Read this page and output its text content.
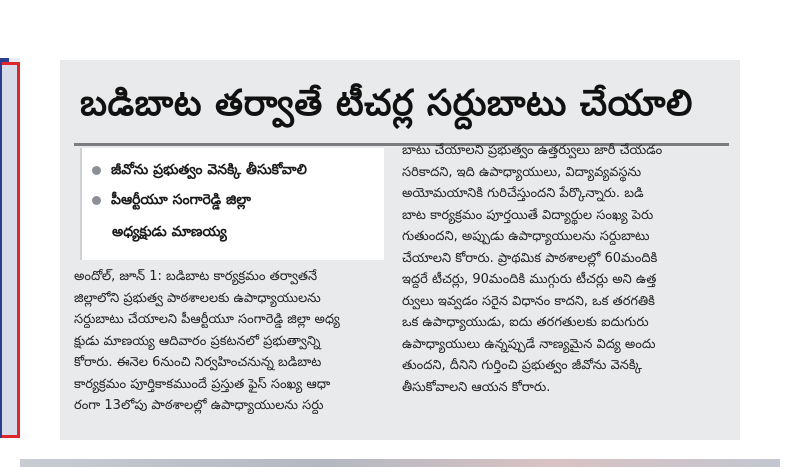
బడిబాట తర్వాతే టీచర్ల సర్దుబాటు చేయాలి
జీవోను ప్రభుత్వం వెనక్కి తీసుకోవాలి
పీఆర్టీయూ సంగారెడ్డి జిల్లా
అధ్యక్షుడు మాణయ్య
అందోల్‌, జూన్‌ 1: బడిబాట కార్యక్రమం తర్వాతనే
జిల్లాలోని ప్రభుత్వ పాఠశాలలకు ఉపాధ్యాయులను
సర్దుబాటు చేయాలని పీఆర్టీయూ సంగారెడ్డి జిల్లా అధ్య
క్షుడు మాణయ్య ఆదివారం ప్రకటనలో ప్రభుత్వాన్ని
కోరారు. ఈనెల 6నుంచి నిర్వహించనున్న బడిబాట
కార్యక్రమం పూర్తికాకముందే ప్రస్తుత ఫైస్‌ సంఖ్య ఆధా
రంగా 13లోపు పాఠశాలల్లో ఉపాధ్యాయులను సర్దు
బాటు చేయాలని ప్రభుత్వం ఉత్తర్వులు జారీ చేయడం
సరికాదని, ఇది ఉపాధ్యాయులు, విద్యావ్యవస్థను
అయోమయానికి గురిచేస్తుందని పేర్కొన్నారు. బడి
బాట కార్యక్రమం పూర్తయితే విద్యార్థుల సంఖ్య పెరు
గుతుందని, అప్పుడు ఉపాధ్యాయులను సర్దుబాటు
చేయాలని కోరారు. ప్రాథమిక పాఠశాలల్లో 60మందికి
ఇద్దరే టీచర్లు, 90మందికి ముగ్గురు టీచర్లు అని ఉత్త
ర్వులు ఇవ్వడం సరైన విధానం కాదని, ఒక తరగతికి
ఒక ఉపాధ్యాయుడు, ఐదు తరగతులకు ఐదుగురు
ఉపాధ్యాయులు ఉన్నప్పుడే నాణ్యమైన విద్య అందు
తుందని, దీనిని గుర్తించి ప్రభుత్వం జీవోను వెనక్కి
తీసుకోవాలని ఆయన కోరారు.
